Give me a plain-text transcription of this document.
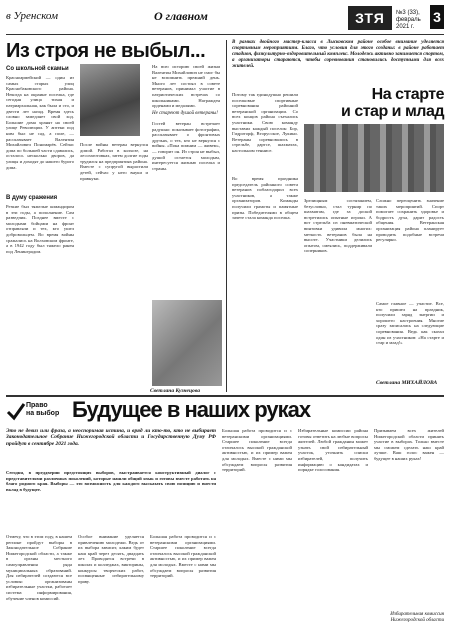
в Уренском	О главном	ЗТЯ	№3 (33),
февраль 2021 г.
3
Из строя не выбыл...
Со школьной скамьи
Красноармейский — один из самых старых улиц Краснобаковского района. Некогда на окраине поселка, где сегодня улица тихая и патриархальная, как была и сто, и двести лет назад. Время здесь словно замедляет свой ход. Большие дома хранят на своей улице Революции. У аптеки под ним был не сад, а поле, — рассказывает Валентин Михайлович Пономарёв. Сейчас дома по большей части сдавались, осталось несколько дворов, да улицы и доходят до нашего бурого дома.
В думу сражения
Резкие был тяжелые командиром в эти годы, а пополнение. Сам разведчик. Позднее вместе с молодыми бойцами на фронт отправляли и тех, кто ушел добровольцем. Во время войны сражались на Волховском фронте, а в 1942 году был тяжело ранен под Ленинградом.
После войны ветеран вернулся домой. Работал в колхозе, на лесозаготовках, затем долгие годы трудился на предприятиях района. Вместе с супругой вырастили детей, сейчас у него внуки и правнуки.
На всю историю своей жизни Валентин Михайлович не смог бы не вспомнить прежний день. Много лет состоял в совете ветеранов, принимал участие в патриотических встречах со школьниками. Награжден орденами и медалями.
Не стареют душой ветераны!
Гостей ветеран встречает радушно: показывает фотографии, рассказывает о фронтовых друзьях, о тех, кто не вернулся с войны. «Пока помним — живем», — говорит он. Из строя не выбыл, душой остается молодым, интересуется жизнью поселка и страны.
Светлана Кузнецова
В рамках двойного мастер-класса в Лысковском районе особое внимание уделяется спортивным мероприятиям. Благо, что условия для этого созданы: в районе работает стадион, физкультурно-оздоровительный комплекс. Молодежь активно занимается спортом, а организаторы стараются, чтобы соревнования становились доступными для всех жителей.
Потому так единодушно решили поселковые спортивные соревнования районной ветеранской организации. Со всех концов района съехались участники. Свою команду выставил каждый поселок: Бор, Гидроторф, Вторусское, Лукино. Ветераны соревновались в стрельбе, дартсе, шахматах, настольном теннисе.
На старте
и стар и млад
Во время праздника председатель районного совета ветеранов поблагодарил всех участников, а также организаторов. Команды получили грамоты и памятные призы. Победителями в общем зачете стала команда поселка.
Зрелищным состязанием, безусловно, стал турнир по шахматам, где за доской встретились опытные игроки. А вот стрельба из пневматической винтовки удивила многих: меткость ветеранов была на высоте. Участники делились опытом, смеялись, поддерживали соперников.
Сложно переоценить значение таких мероприятий. Спорт помогает сохранить здоровье и бодрость духа, дарит радость общения. Ветеранская организация района планирует проводить подобные встречи регулярно.
Самое главное — участие. Все, кто пришел на праздник, получили заряд энергии и хорошего настроения. Многие сразу записались на следующие соревнования. Ведь как сказал один из участников: «На старте и стар и млад!»
Светлана МИХАЙЛОВА
Право
на выбор Будущее в наших руках
Это не девиз или фраза, а неоспоримая истина, и вряд ли кто-то, кто не выбирает Законодательное Собрание Нижегородской области и Государственную Думу РФ пройдут в сентябре 2021 года.
Сегодня, в преддверии предстоящих выборов, выстраивается конструктивный диалог с представителями различных поколений, которые нашли общий язык и готовы вместе работать на благо родного края. Выборы — это возможность для каждого высказать свою позицию и внести вклад в будущее.
Отмечу, что в этом году, в нашем регионе пройдут выборы в Законодательное Собрание Нижегородской области, а также в органы местного самоуправления ряда муниципальных образований. Для избирателей создаются все условия: организованы избирательные участки, работает система информирования, обучение членов комиссий.
Особое внимание уделяется привлечению молодежи. Ведь от их выбора зависит, каким будет наш край через десять, двадцать лет. Проводятся встречи в школах и колледжах, викторины, конкурсы творческих работ, посвященные избирательному праву.
Большая работа проводится и с ветеранскими организациями. Старшее поколение всегда отличалось высокой гражданской активностью, и их пример важен для молодых. Вместе с ними мы обсуждаем вопросы развития территорий.
Большая работа проводится и с ветеранскими организациями. Старшее поколение всегда отличалось высокой гражданской активностью, и их пример важен для молодых. Вместе с ними мы обсуждаем вопросы развития территорий.
Избирательные комиссии района готовы ответить на любые вопросы жителей. Любой гражданин может узнать свой избирательный участок, уточнить списки избирателей, получить информацию о кандидатах и порядке голосования.
Призываем всех жителей Нижегородской области принять участие в выборах. Только вместе мы сможем сделать наш край лучше. Ваш голос важен — будущее в наших руках!
Избирательная комиссия
Нижегородской области
